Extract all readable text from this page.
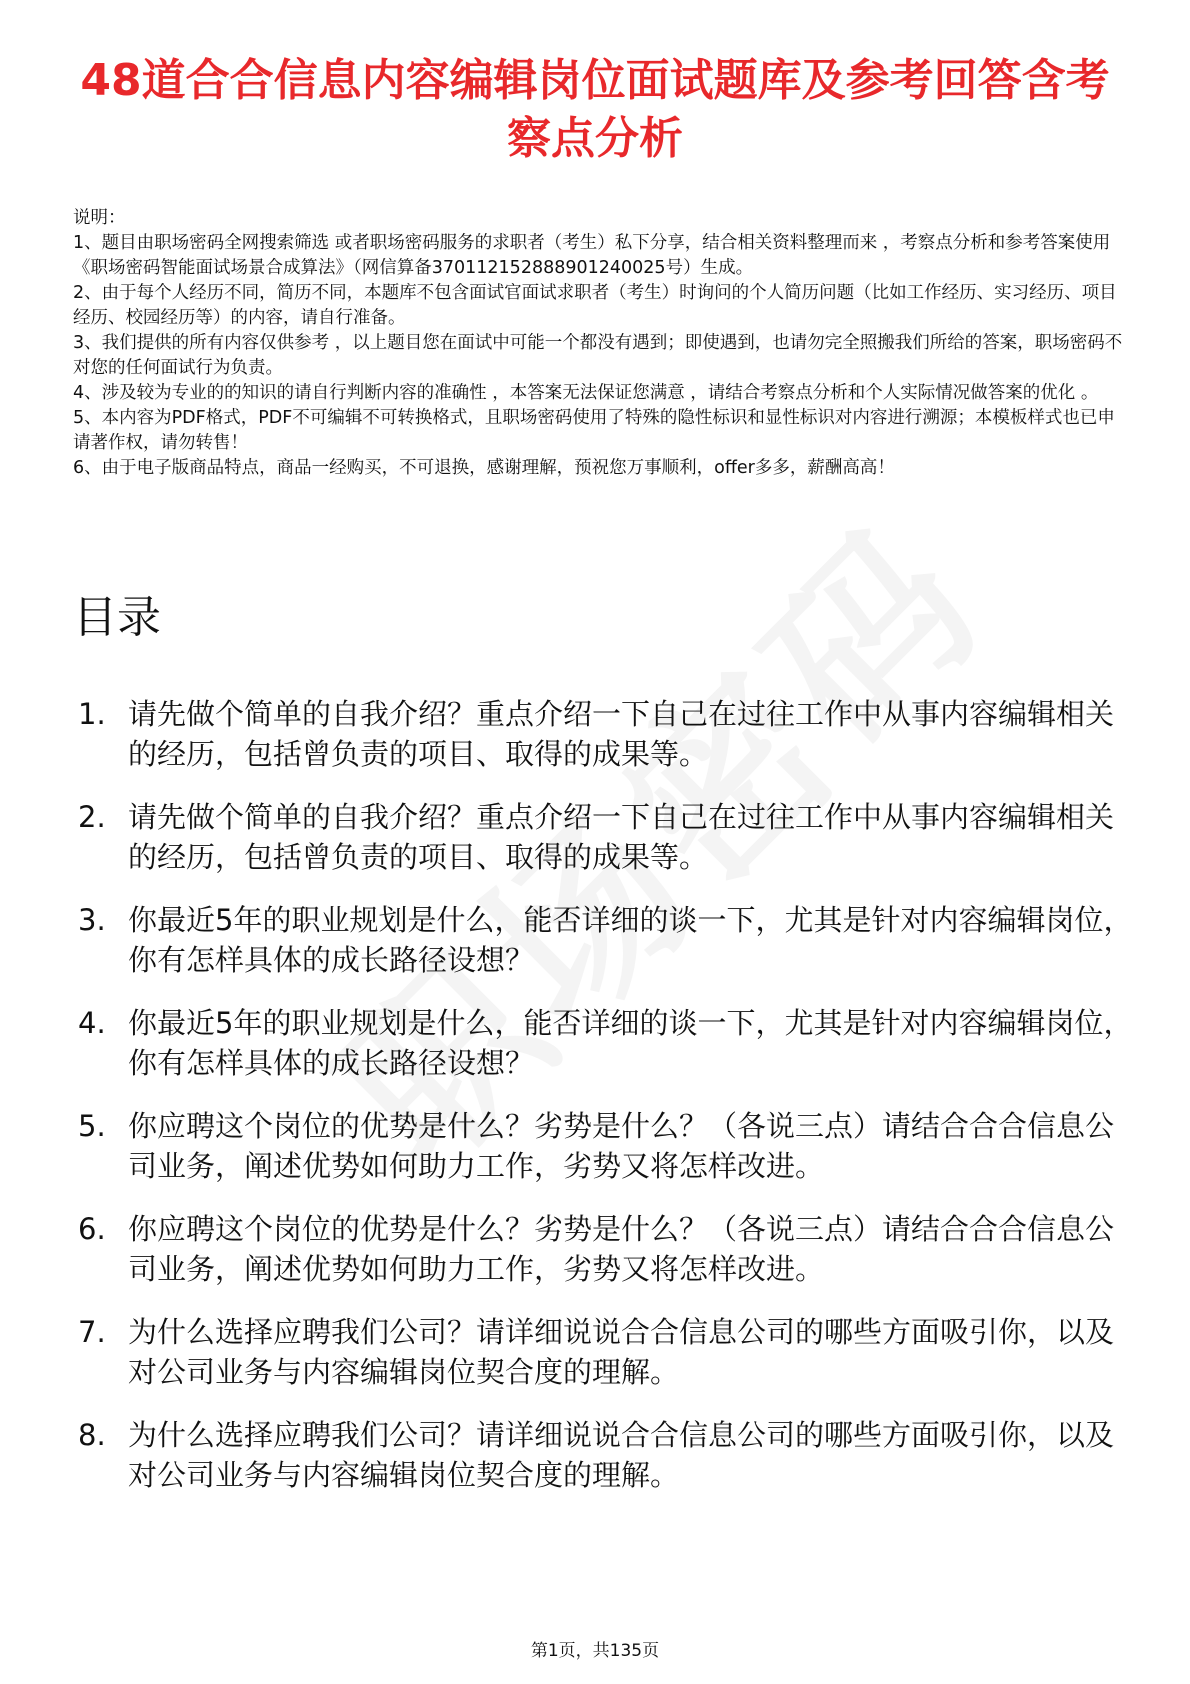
48道合合信息内容编辑岗位面试题库及参考回答含考察点分析

说明：

1、题目由职场密码全网搜索筛选 或者职场密码服务的求职者（考生）私下分享，结合相关资料整理而来 ，考察点分析和参考答案使用《职场密码智能面试场景合成算法》（网信算备370112152888901240025号）生成。

2、由于每个人经历不同，简历不同，本题库不包含面试官面试求职者（考生）时询问的个人简历问题（比如工作经历、实习经历、项目经历、校园经历等）的内容，请自行准备。

3、我们提供的所有内容仅供参考 ，以上题目您在面试中可能一个都没有遇到；即使遇到，也请勿完全照搬我们所给的答案，职场密码不对您的任何面试行为负责。

4、涉及较为专业的的知识的请自行判断内容的准确性 ，本答案无法保证您满意 ，请结合考察点分析和个人实际情况做答案的优化 。

5、本内容为PDF格式，PDF不可编辑不可转换格式，且职场密码使用了特殊的隐性标识和显性标识对内容进行溯源；本模板样式也已申请著作权，请勿转售！

6、由于电子版商品特点，商品一经购买，不可退换，感谢理解，预祝您万事顺利，offer多多，薪酬高高！

目录
1. 请先做个简单的自我介绍？重点介绍一下自己在过往工作中从事内容编辑相关的经历，包括曾负责的项目、取得的成果等。
2. 请先做个简单的自我介绍？重点介绍一下自己在过往工作中从事内容编辑相关的经历，包括曾负责的项目、取得的成果等。
3. 你最近5年的职业规划是什么，能否详细的谈一下，尤其是针对内容编辑岗位，你有怎样具体的成长路径设想？
4. 你最近5年的职业规划是什么，能否详细的谈一下，尤其是针对内容编辑岗位，你有怎样具体的成长路径设想？
5. 你应聘这个岗位的优势是什么？劣势是什么？（各说三点）请结合合合信息公司业务，阐述优势如何助力工作，劣势又将怎样改进。
6. 你应聘这个岗位的优势是什么？劣势是什么？（各说三点）请结合合合信息公司业务，阐述优势如何助力工作，劣势又将怎样改进。
7. 为什么选择应聘我们公司？请详细说说合合信息公司的哪些方面吸引你，以及对公司业务与内容编辑岗位契合度的理解。
8. 为什么选择应聘我们公司？请详细说说合合信息公司的哪些方面吸引你，以及对公司业务与内容编辑岗位契合度的理解。
第1页，共135页
